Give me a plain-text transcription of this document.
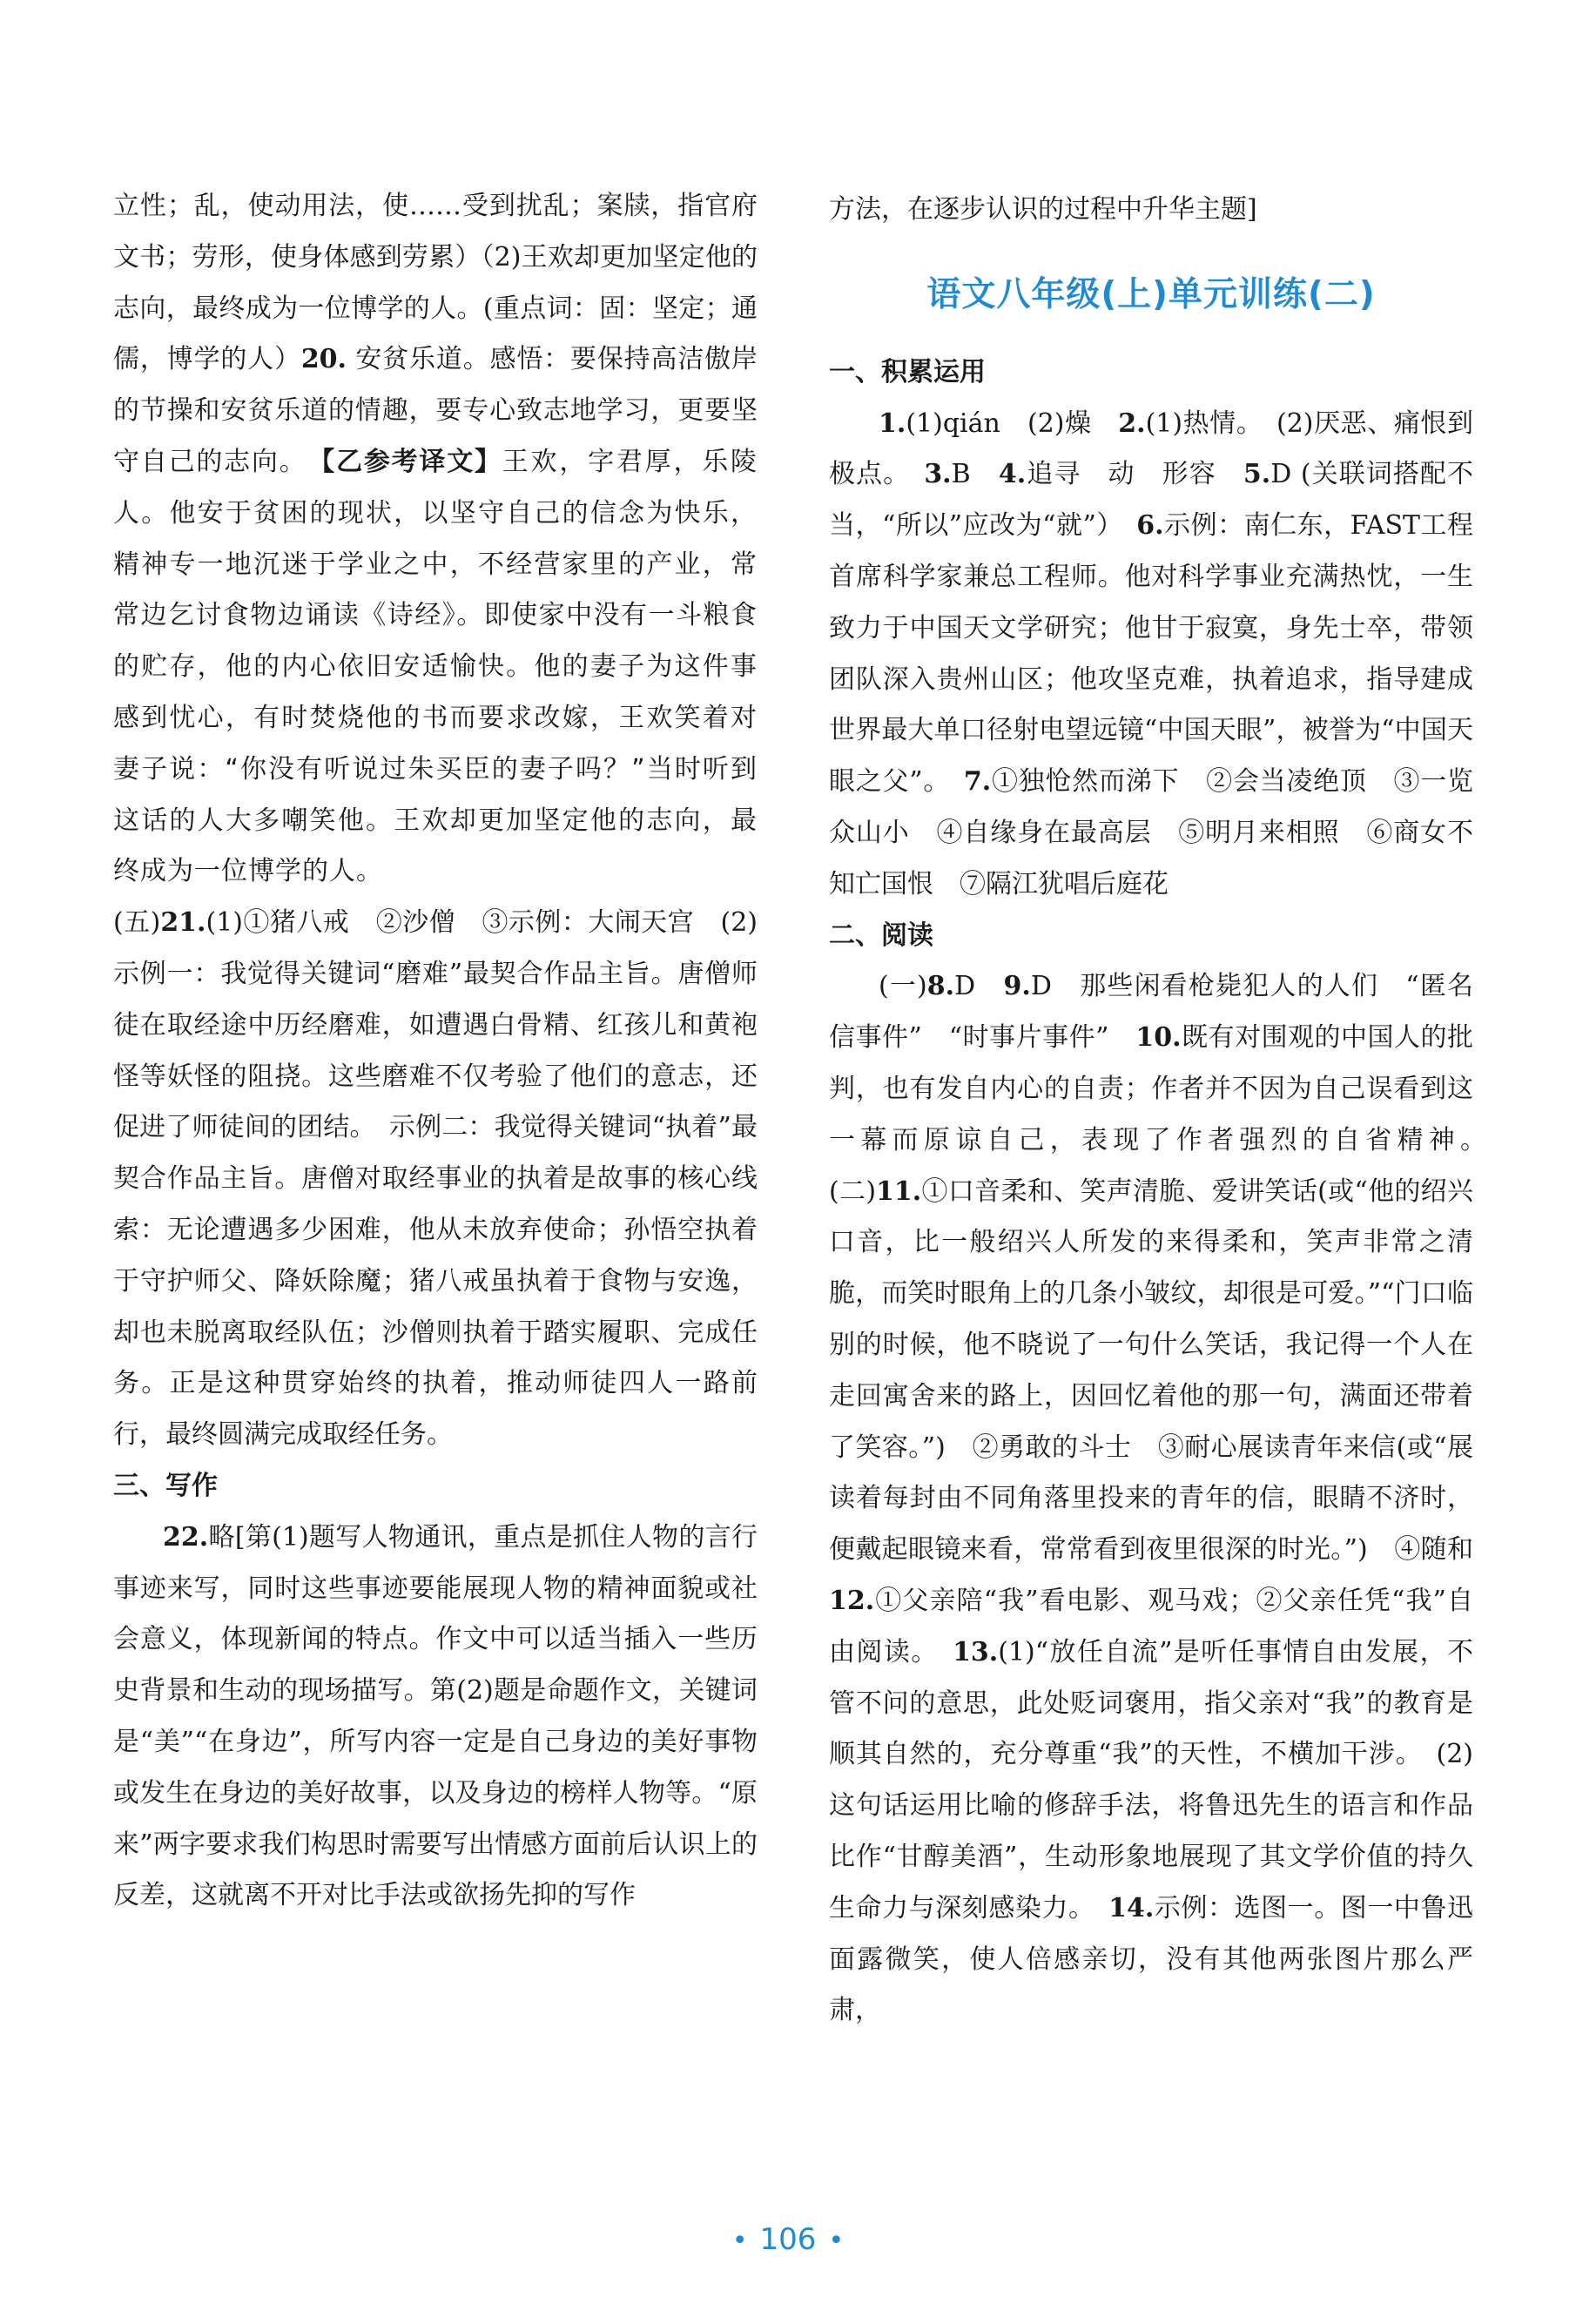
立性；乱，使动用法，使……受到扰乱；案牍，指官府文书；劳形，使身体感到劳累）（2)王欢却更加坚定他的志向，最终成为一位博学的人。(重点词：固：坚定；通儒，博学的人）20. 安贫乐道。感悟：要保持高洁傲岸的节操和安贫乐道的情趣，要专心致志地学习，更要坚守自己的志向。　 【乙参考译文】王欢，字君厚，乐陵人。他安于贫困的现状，以坚守自己的信念为快乐，精神专一地沉迷于学业之中，不经营家里的产业，常常边乞讨食物边诵读《诗经》。即使家中没有一斗粮食的贮存，他的内心依旧安适愉快。他的妻子为这件事感到忧心，有时焚烧他的书而要求改嫁，王欢笑着对妻子说：“你没有听说过朱买臣的妻子吗？”当时听到这话的人大多嘲笑他。王欢却更加坚定他的志向，最终成为一位博学的人。

(五)21.(1)①猪八戒　②沙僧　③示例：大闹天宫　(2)示例一：我觉得关键词“磨难”最契合作品主旨。唐僧师徒在取经途中历经磨难，如遭遇白骨精、红孩儿和黄袍怪等妖怪的阻挠。这些磨难不仅考验了他们的意志，还促进了师徒间的团结。　示例二：我觉得关键词“执着”最契合作品主旨。唐僧对取经事业的执着是故事的核心线索：无论遭遇多少困难，他从未放弃使命；孙悟空执着于守护师父、降妖除魔；猪八戒虽执着于食物与安逸，却也未脱离取经队伍；沙僧则执着于踏实履职、完成任务。正是这种贯穿始终的执着，推动师徒四人一路前行，最终圆满完成取经任务。

三、写作

22.略[第(1)题写人物通讯，重点是抓住人物的言行事迹来写，同时这些事迹要能展现人物的精神面貌或社会意义，体现新闻的特点。作文中可以适当插入一些历史背景和生动的现场描写。第(2)题是命题作文，关键词是“美”“在身边”，所写内容一定是自己身边的美好事物或发生在身边的美好故事，以及身边的榜样人物等。“原来”两字要求我们构思时需要写出情感方面前后认识上的反差，这就离不开对比手法或欲扬先抑的写作

方法，在逐步认识的过程中升华主题]

语文八年级(上)单元训练(二)

一、积累运用

1.(1)qián　(2)燥　2.(1)热情。　(2)厌恶、痛恨到极点。　3.B　4.追寻　动　形容　5.D (关联词搭配不当，“所以”应改为“就”）　6.示例：南仁东，FAST工程首席科学家兼总工程师。他对科学事业充满热忱，一生致力于中国天文学研究；他甘于寂寞，身先士卒，带领团队深入贵州山区；他攻坚克难，执着追求，指导建成世界最大单口径射电望远镜“中国天眼”，被誉为“中国天眼之父”。　7.①独怆然而涕下　②会当凌绝顶　③一览众山小　④自缘身在最高层　⑤明月来相照　⑥商女不知亡国恨　⑦隔江犹唱后庭花

二、阅读

(一)8.D　9.D　那些闲看枪毙犯人的人们　“匿名信事件”　“时事片事件”　10.既有对围观的中国人的批判，也有发自内心的自责；作者并不因为自己误看到这一幕而原谅自己，表现了作者强烈的自省精神。　(二)11.①口音柔和、笑声清脆、爱讲笑话(或“他的绍兴口音，比一般绍兴人所发的来得柔和，笑声非常之清脆，而笑时眼角上的几条小皱纹，却很是可爱。”“门口临别的时候，他不晓说了一句什么笑话，我记得一个人在走回寓舍来的路上，因回忆着他的那一句，满面还带着了笑容。”)　②勇敢的斗士　③耐心展读青年来信(或“展读着每封由不同角落里投来的青年的信，眼睛不济时，便戴起眼镜来看，常常看到夜里很深的时光。”)　④随和　12.①父亲陪“我”看电影、观马戏；②父亲任凭“我”自由阅读。　13.(1)“放任自流”是听任事情自由发展，不管不问的意思，此处贬词褒用，指父亲对“我”的教育是顺其自然的，充分尊重“我”的天性，不横加干涉。　(2)这句话运用比喻的修辞手法，将鲁迅先生的语言和作品比作“甘醇美酒”，生动形象地展现了其文学价值的持久生命力与深刻感染力。　14.示例：选图一。图一中鲁迅面露微笑，使人倍感亲切，没有其他两张图片那么严肃，

• 106 •
